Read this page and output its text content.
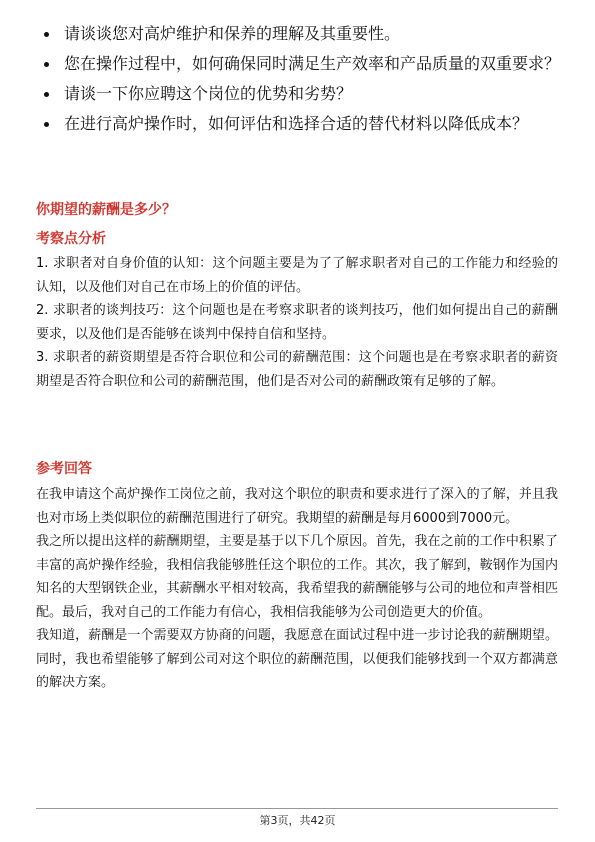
请谈谈您对高炉维护和保养的理解及其重要性。
您在操作过程中，如何确保同时满足生产效率和产品质量的双重要求？
请谈一下你应聘这个岗位的优势和劣势？
在进行高炉操作时，如何评估和选择合适的替代材料以降低成本？
你期望的薪酬是多少？
考察点分析

1. 求职者对自身价值的认知：这个问题主要是为了了解求职者对自己的工作能力和经验的认知，以及他们对自己在市场上的价值的评估。

2. 求职者的谈判技巧：这个问题也是在考察求职者的谈判技巧，他们如何提出自己的薪酬要求，以及他们是否能够在谈判中保持自信和坚持。

3. 求职者的薪资期望是否符合职位和公司的薪酬范围：这个问题也是在考察求职者的薪资期望是否符合职位和公司的薪酬范围，他们是否对公司的薪酬政策有足够的了解。

参考回答

在我申请这个高炉操作工岗位之前，我对这个职位的职责和要求进行了深入的了解，并且我也对市场上类似职位的薪酬范围进行了研究。我期望的薪酬是每月6000到7000元。

我之所以提出这样的薪酬期望，主要是基于以下几个原因。首先，我在之前的工作中积累了丰富的高炉操作经验，我相信我能够胜任这个职位的工作。其次，我了解到，鞍钢作为国内知名的大型钢铁企业，其薪酬水平相对较高，我希望我的薪酬能够与公司的地位和声誉相匹配。最后，我对自己的工作能力有信心，我相信我能够为公司创造更大的价值。

我知道，薪酬是一个需要双方协商的问题，我愿意在面试过程中进一步讨论我的薪酬期望。同时，我也希望能够了解到公司对这个职位的薪酬范围，以便我们能够找到一个双方都满意的解决方案。

第3页，共42页
